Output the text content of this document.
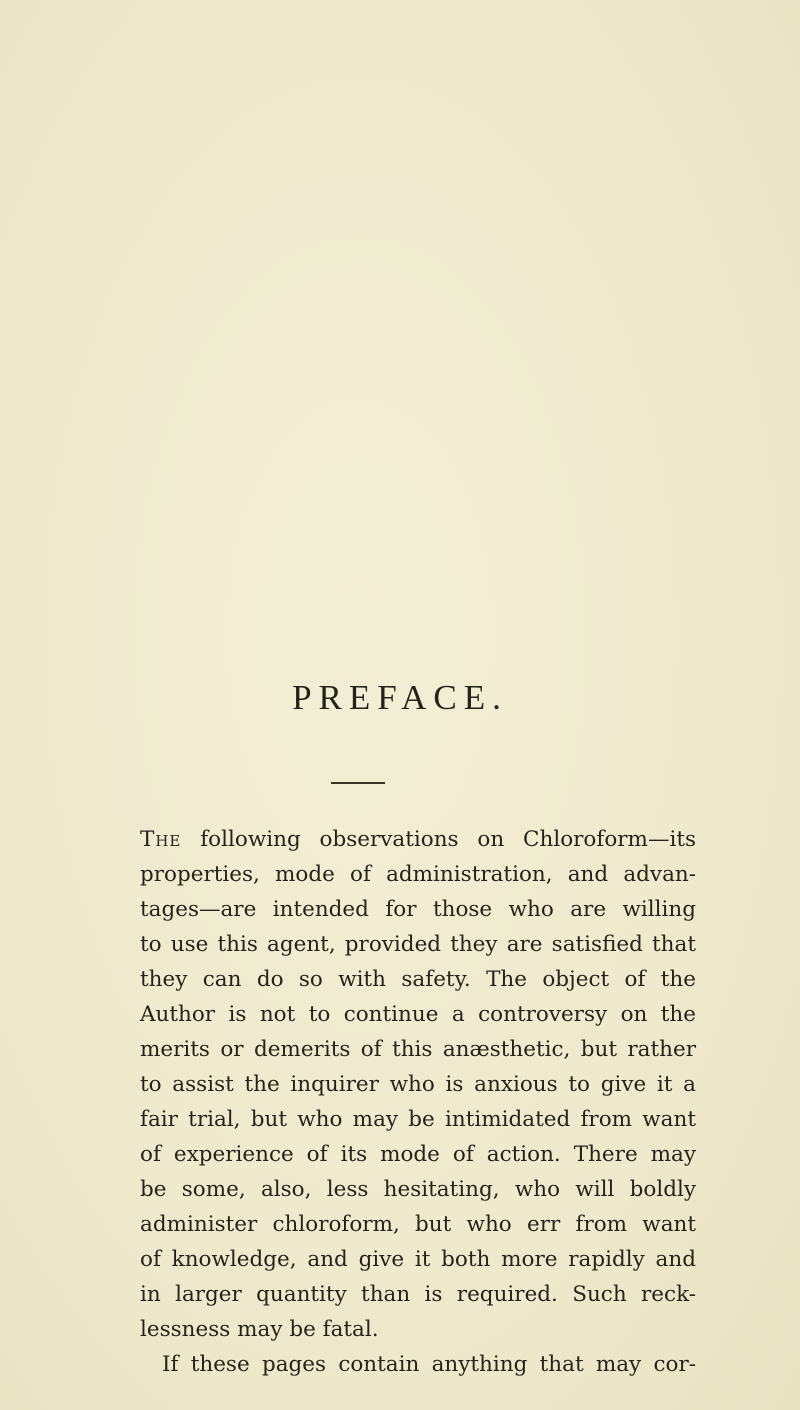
PREFACE.
The following observations on Chloroform—its
properties, mode of administration, and advan-
tages—are intended for those who are willing
to use this agent, provided they are satisfied that
they can do so with safety. The object of the
Author is not to continue a controversy on the
merits or demerits of this anæsthetic, but rather
to assist the inquirer who is anxious to give it a
fair trial, but who may be intimidated from want
of experience of its mode of action. There may
be some, also, less hesitating, who will boldly
administer chloroform, but who err from want
of knowledge, and give it both more rapidly and
in larger quantity than is required. Such reck-
lessness may be fatal.
If these pages contain anything that may cor-
